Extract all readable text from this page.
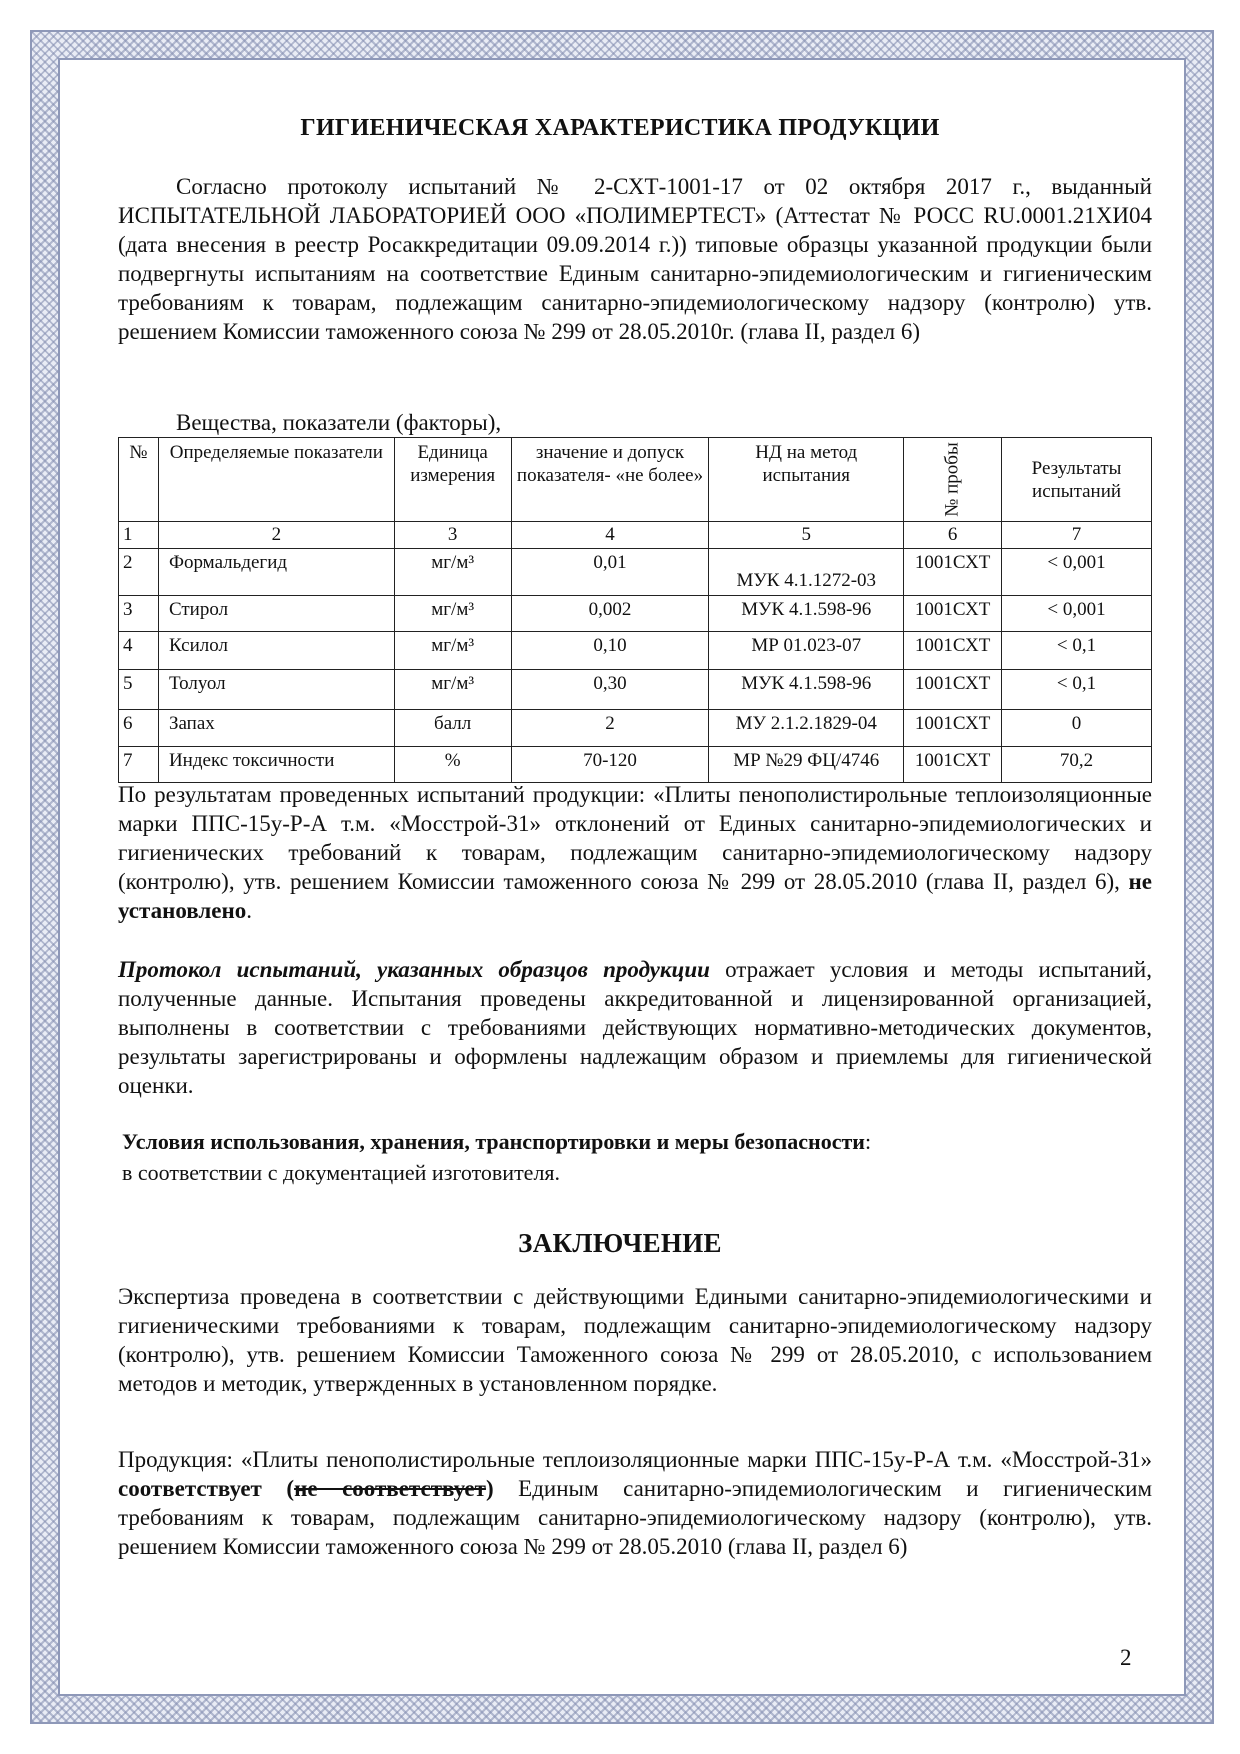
ГИГИЕНИЧЕСКАЯ ХАРАКТЕРИСТИКА ПРОДУКЦИИ

Согласно протоколу испытаний № 2-СХТ-1001-17 от 02 октября 2017 г., выданный ИСПЫТАТЕЛЬНОЙ ЛАБОРАТОРИЕЙ ООО «ПОЛИМЕРТЕСТ» (Аттестат № РОСС RU.0001.21ХИ04 (дата внесения в реестр Росаккредитации 09.09.2014 г.)) типовые образцы указанной продукции были подвергнуты испытаниям на соответствие Единым санитарно-эпидемиологическим и гигиеническим требованиям к товарам, подлежащим санитарно-эпидемиологическому надзору (контролю) утв. решением Комиссии таможенного союза № 299 от 28.05.2010г. (глава II, раздел 6)

Вещества, показатели (факторы),
№	Определяемые показатели	Единица измерения	значение и допуск показателя- «не более»	НД на метод испытания	№ пробы	Результаты испытаний
1	2	3	4	5	6	7
2	Формальдегид	мг/м³	0,01	МУК 4.1.1272-03	1001СХТ	< 0,001
3	Стирол	мг/м³	0,002	МУК 4.1.598-96	1001СХТ	< 0,001
4	Ксилол	мг/м³	0,10	МР 01.023-07	1001СХТ	< 0,1
5	Толуол	мг/м³	0,30	МУК 4.1.598-96	1001СХТ	< 0,1
6	Запах	балл	2	МУ 2.1.2.1829-04	1001СХТ	0
7	Индекс токсичности	%	70-120	МР №29 ФЦ/4746	1001СХТ	70,2

По результатам проведенных испытаний продукции: «Плиты пенополистирольные теплоизоляционные марки ППС-15у-Р-А т.м. «Мосстрой-31» отклонений от Единых санитарно-эпидемиологических и гигиенических требований к товарам, подлежащим санитарно-эпидемиологическому надзору (контролю), утв. решением Комиссии таможенного союза № 299 от 28.05.2010 (глава II, раздел 6), не установлено.

Протокол испытаний, указанных образцов продукции отражает условия и методы испытаний, полученные данные. Испытания проведены аккредитованной и лицензированной организацией, выполнены в соответствии с требованиями действующих нормативно-методических документов, результаты зарегистрированы и оформлены надлежащим образом и приемлемы для гигиенической оценки.

Условия использования, хранения, транспортировки и меры безопасности:
в соответствии с документацией изготовителя.
ЗАКЛЮЧЕНИЕ

Экспертиза проведена в соответствии с действующими Едиными санитарно-эпидемиологическими и гигиеническими требованиями к товарам, подлежащим санитарно-эпидемиологическому надзору (контролю), утв. решением Комиссии Таможенного союза № 299 от 28.05.2010, с использованием методов и методик, утвержденных в установленном порядке.

Продукция: «Плиты пенополистирольные теплоизоляционные марки ППС-15у-Р-А т.м. «Мосстрой-31» соответствует (не соответствует) Единым санитарно-эпидемиологическим и гигиеническим требованиям к товарам, подлежащим санитарно-эпидемиологическому надзору (контролю), утв. решением Комиссии таможенного союза № 299 от 28.05.2010 (глава II, раздел 6)

2
